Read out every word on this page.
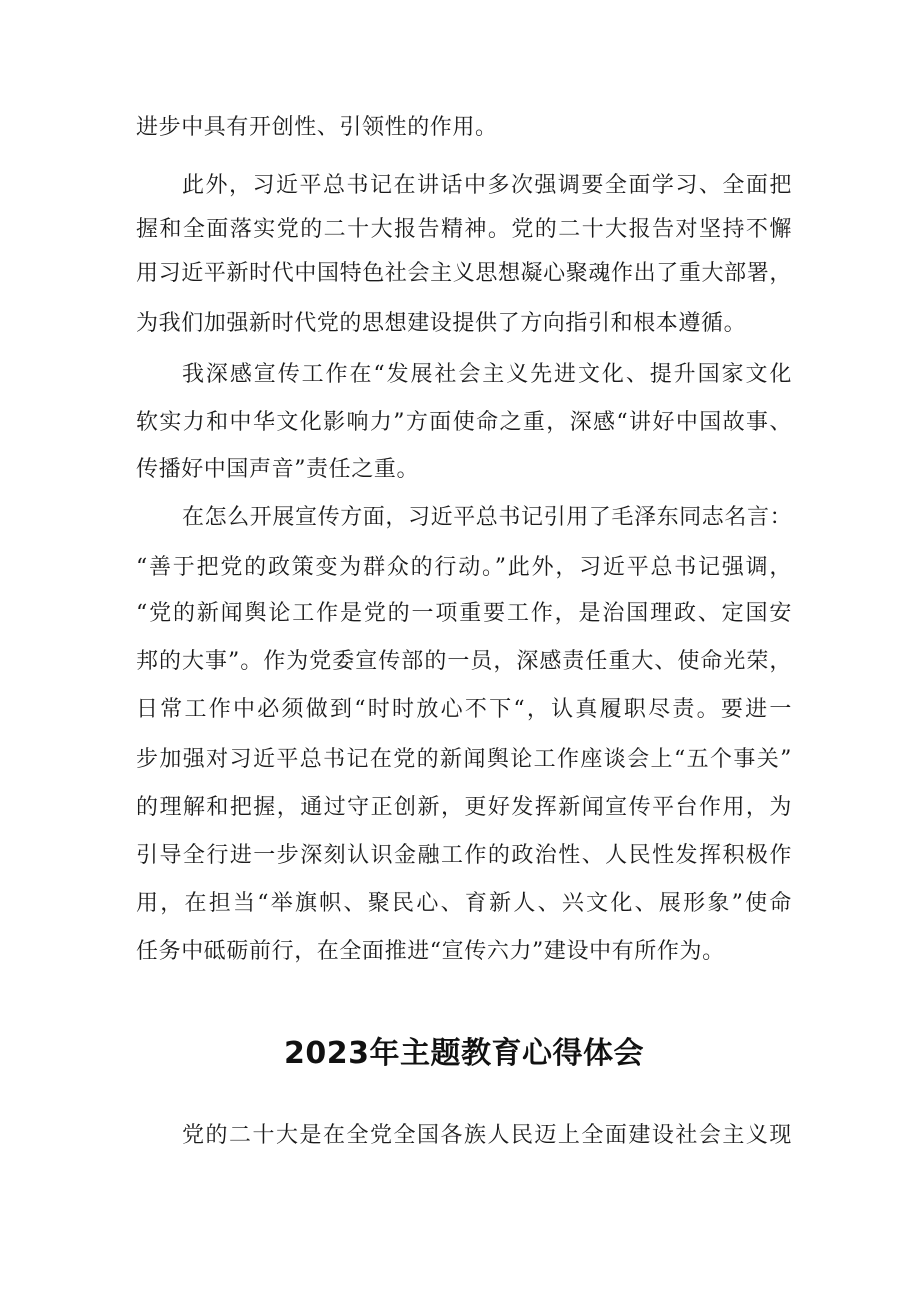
进步中具有开创性、引领性的作用。
此外，习近平总书记在讲话中多次强调要全面学习、全面把
握和全面落实党的二十大报告精神。党的二十大报告对坚持不懈
用习近平新时代中国特色社会主义思想凝心聚魂作出了重大部署，
为我们加强新时代党的思想建设提供了方向指引和根本遵循。
我深感宣传工作在“发展社会主义先进文化、提升国家文化
软实力和中华文化影响力”方面使命之重，深感“讲好中国故事、
传播好中国声音”责任之重。
在怎么开展宣传方面，习近平总书记引用了毛泽东同志名言：
“善于把党的政策变为群众的行动。”此外，习近平总书记强调，
“党的新闻舆论工作是党的一项重要工作，是治国理政、定国安
邦的大事”。作为党委宣传部的一员，深感责任重大、使命光荣，
日常工作中必须做到“时时放心不下“，认真履职尽责。要进一
步加强对习近平总书记在党的新闻舆论工作座谈会上“五个事关”
的理解和把握，通过守正创新，更好发挥新闻宣传平台作用，为
引导全行进一步深刻认识金融工作的政治性、人民性发挥积极作
用，在担当“举旗帜、聚民心、育新人、兴文化、展形象”使命
任务中砥砺前行，在全面推进“宣传六力”建设中有所作为。
2023年主题教育心得体会
党的二十大是在全党全国各族人民迈上全面建设社会主义现
